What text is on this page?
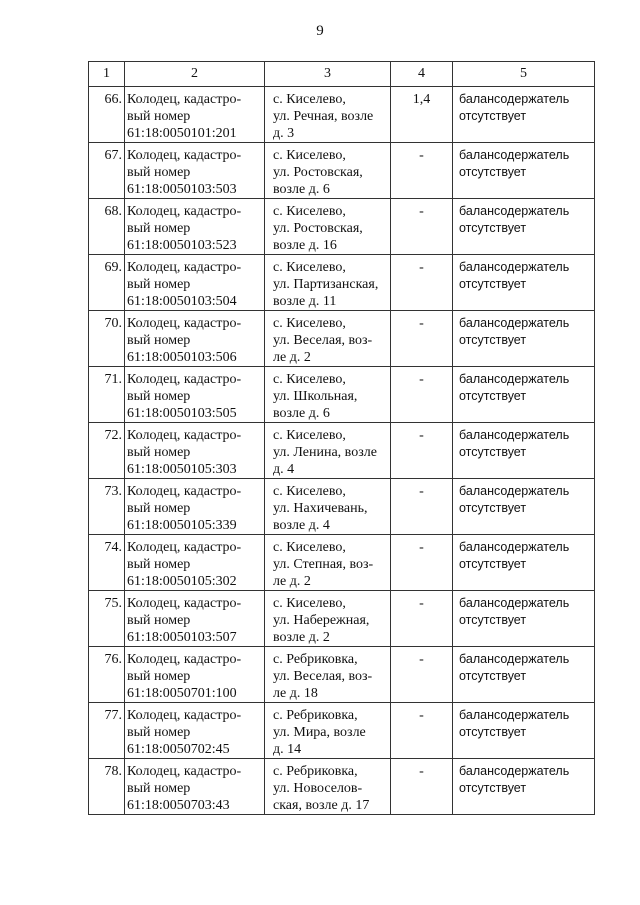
9
1	2	3	4	5
66.	Колодец, кадастро-
вый номер
61:18:0050101:201	с. Киселево,
ул. Речная, возле
д. 3	1,4	балансодержатель
отсутствует
67.	Колодец, кадастро-
вый номер
61:18:0050103:503	с. Киселево,
ул. Ростовская,
возле д. 6	-	балансодержатель
отсутствует
68.	Колодец, кадастро-
вый номер
61:18:0050103:523	с. Киселево,
ул. Ростовская,
возле д. 16	-	балансодержатель
отсутствует
69.	Колодец, кадастро-
вый номер
61:18:0050103:504	с. Киселево,
ул. Партизанская,
возле д. 11	-	балансодержатель
отсутствует
70.	Колодец, кадастро-
вый номер
61:18:0050103:506	с. Киселево,
ул. Веселая, воз-
ле д. 2	-	балансодержатель
отсутствует
71.	Колодец, кадастро-
вый номер
61:18:0050103:505	с. Киселево,
ул. Школьная,
возле д. 6	-	балансодержатель
отсутствует
72.	Колодец, кадастро-
вый номер
61:18:0050105:303	с. Киселево,
ул. Ленина, возле
д. 4	-	балансодержатель
отсутствует
73.	Колодец, кадастро-
вый номер
61:18:0050105:339	с. Киселево,
ул. Нахичевань,
возле д. 4	-	балансодержатель
отсутствует
74.	Колодец, кадастро-
вый номер
61:18:0050105:302	с. Киселево,
ул. Степная, воз-
ле д. 2	-	балансодержатель
отсутствует
75.	Колодец, кадастро-
вый номер
61:18:0050103:507	с. Киселево,
ул. Набережная,
возле д. 2	-	балансодержатель
отсутствует
76.	Колодец, кадастро-
вый номер
61:18:0050701:100	с. Ребриковка,
ул. Веселая, воз-
ле д. 18	-	балансодержатель
отсутствует
77.	Колодец, кадастро-
вый номер
61:18:0050702:45	с. Ребриковка,
ул. Мира, возле
д. 14	-	балансодержатель
отсутствует
78.	Колодец, кадастро-
вый номер
61:18:0050703:43	с. Ребриковка,
ул. Новоселов-
ская, возле д. 17	-	балансодержатель
отсутствует
